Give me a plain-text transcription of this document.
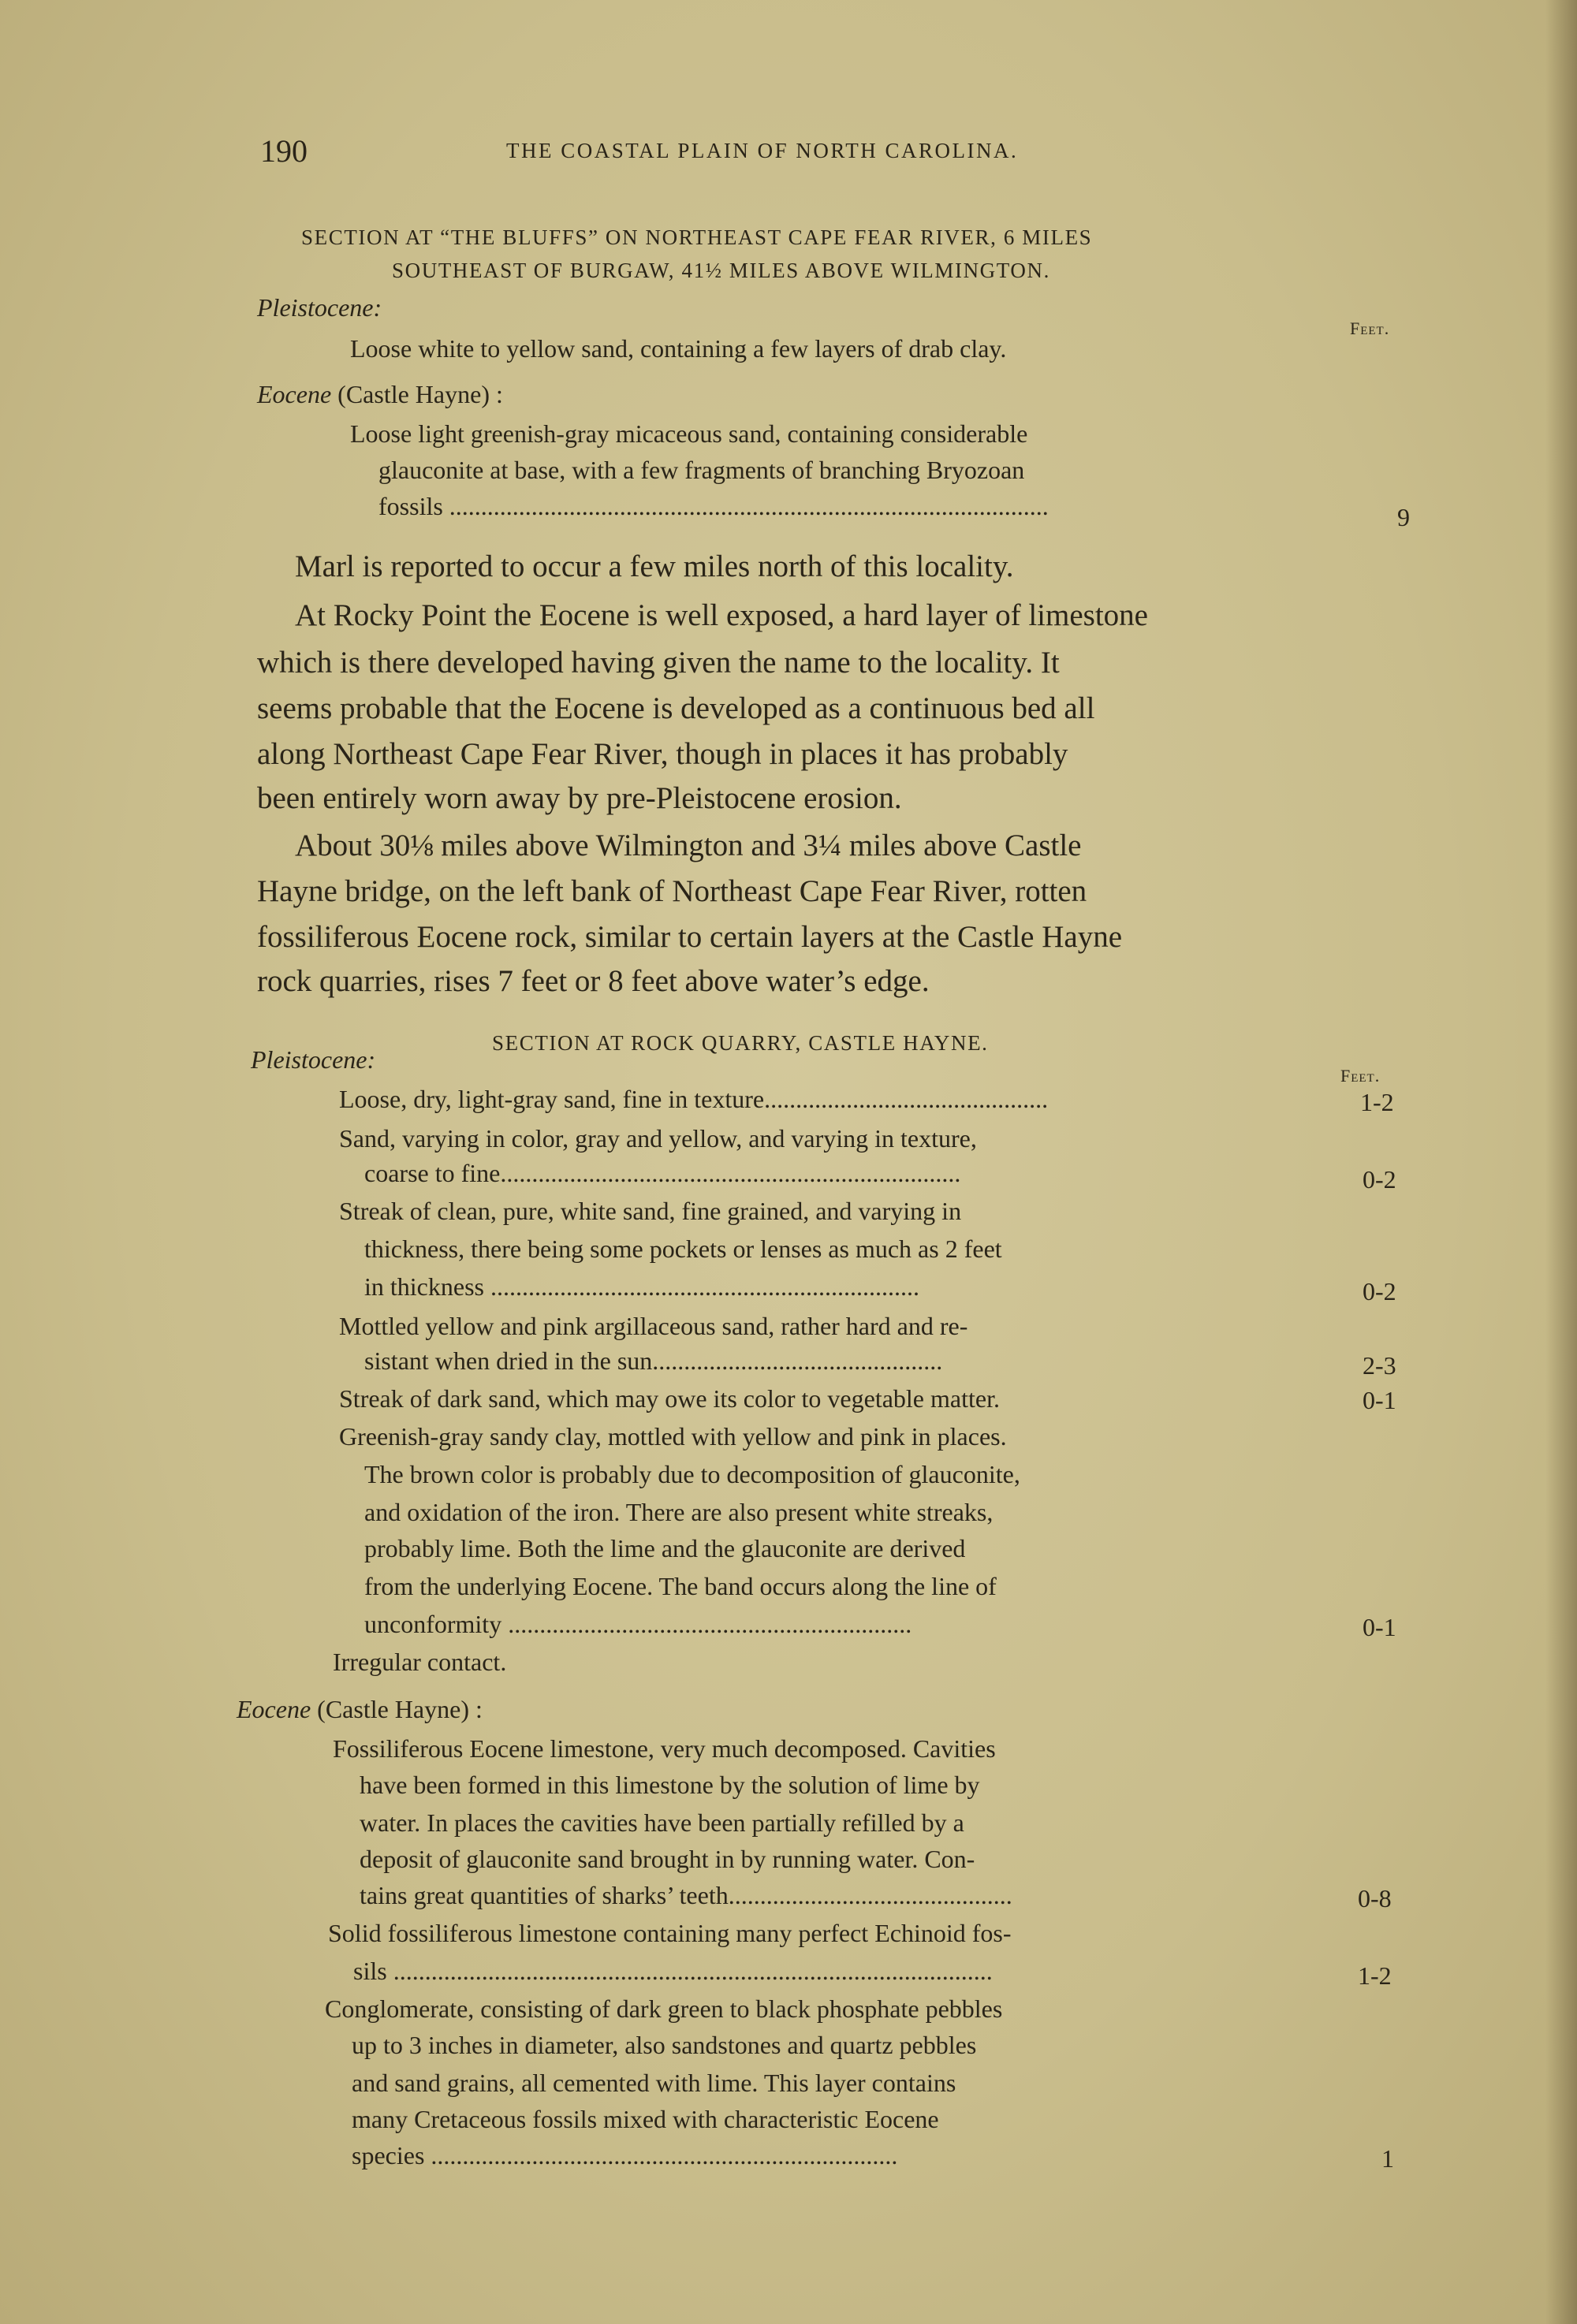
190	THE COASTAL PLAIN OF NORTH CAROLINA.
SECTION AT “THE BLUFFS” ON NORTHEAST CAPE FEAR RIVER, 6 MILES
SOUTHEAST OF BURGAW, 41½ MILES ABOVE WILMINGTON.
Pleistocene:
Feet.
Loose white to yellow sand, containing a few layers of drab clay.
Eocene (Castle Hayne) :
Loose light greenish-gray micaceous sand, containing considerable
glauconite at base, with a few fragments of branching Bryozoan
fossils ...............................................................................................	9
Marl is reported to occur a few miles north of this locality.
At Rocky Point the Eocene is well exposed, a hard layer of limestone
which is there developed having given the name to the locality. It
seems probable that the Eocene is developed as a continuous bed all
along Northeast Cape Fear River, though in places it has probably
been entirely worn away by pre-Pleistocene erosion.
About 30⅛ miles above Wilmington and 3¼ miles above Castle
Hayne bridge, on the left bank of Northeast Cape Fear River, rotten
fossiliferous Eocene rock, similar to certain layers at the Castle Hayne
rock quarries, rises 7 feet or 8 feet above water’s edge.
SECTION AT ROCK QUARRY, CASTLE HAYNE.
Pleistocene:
Feet.
Loose, dry, light-gray sand, fine in texture.............................................	1-2
Sand, varying in color, gray and yellow, and varying in texture,
coarse to fine.........................................................................	0-2
Streak of clean, pure, white sand, fine grained, and varying in
thickness, there being some pockets or lenses as much as 2 feet
in thickness ....................................................................	0-2
Mottled yellow and pink argillaceous sand, rather hard and re-
sistant when dried in the sun..............................................	2-3
Streak of dark sand, which may owe its color to vegetable matter.	0-1
Greenish-gray sandy clay, mottled with yellow and pink in places.
The brown color is probably due to decomposition of glauconite,
and oxidation of the iron. There are also present white streaks,
probably lime. Both the lime and the glauconite are derived
from the underlying Eocene. The band occurs along the line of
unconformity ................................................................	0-1
Irregular contact.
Eocene (Castle Hayne) :
Fossiliferous Eocene limestone, very much decomposed. Cavities
have been formed in this limestone by the solution of lime by
water. In places the cavities have been partially refilled by a
deposit of glauconite sand brought in by running water. Con-
tains great quantities of sharks’ teeth.............................................	0-8
Solid fossiliferous limestone containing many perfect Echinoid fos-
sils ...............................................................................................	1-2
Conglomerate, consisting of dark green to black phosphate pebbles
up to 3 inches in diameter, also sandstones and quartz pebbles
and sand grains, all cemented with lime. This layer contains
many Cretaceous fossils mixed with characteristic Eocene
species ..........................................................................	1
